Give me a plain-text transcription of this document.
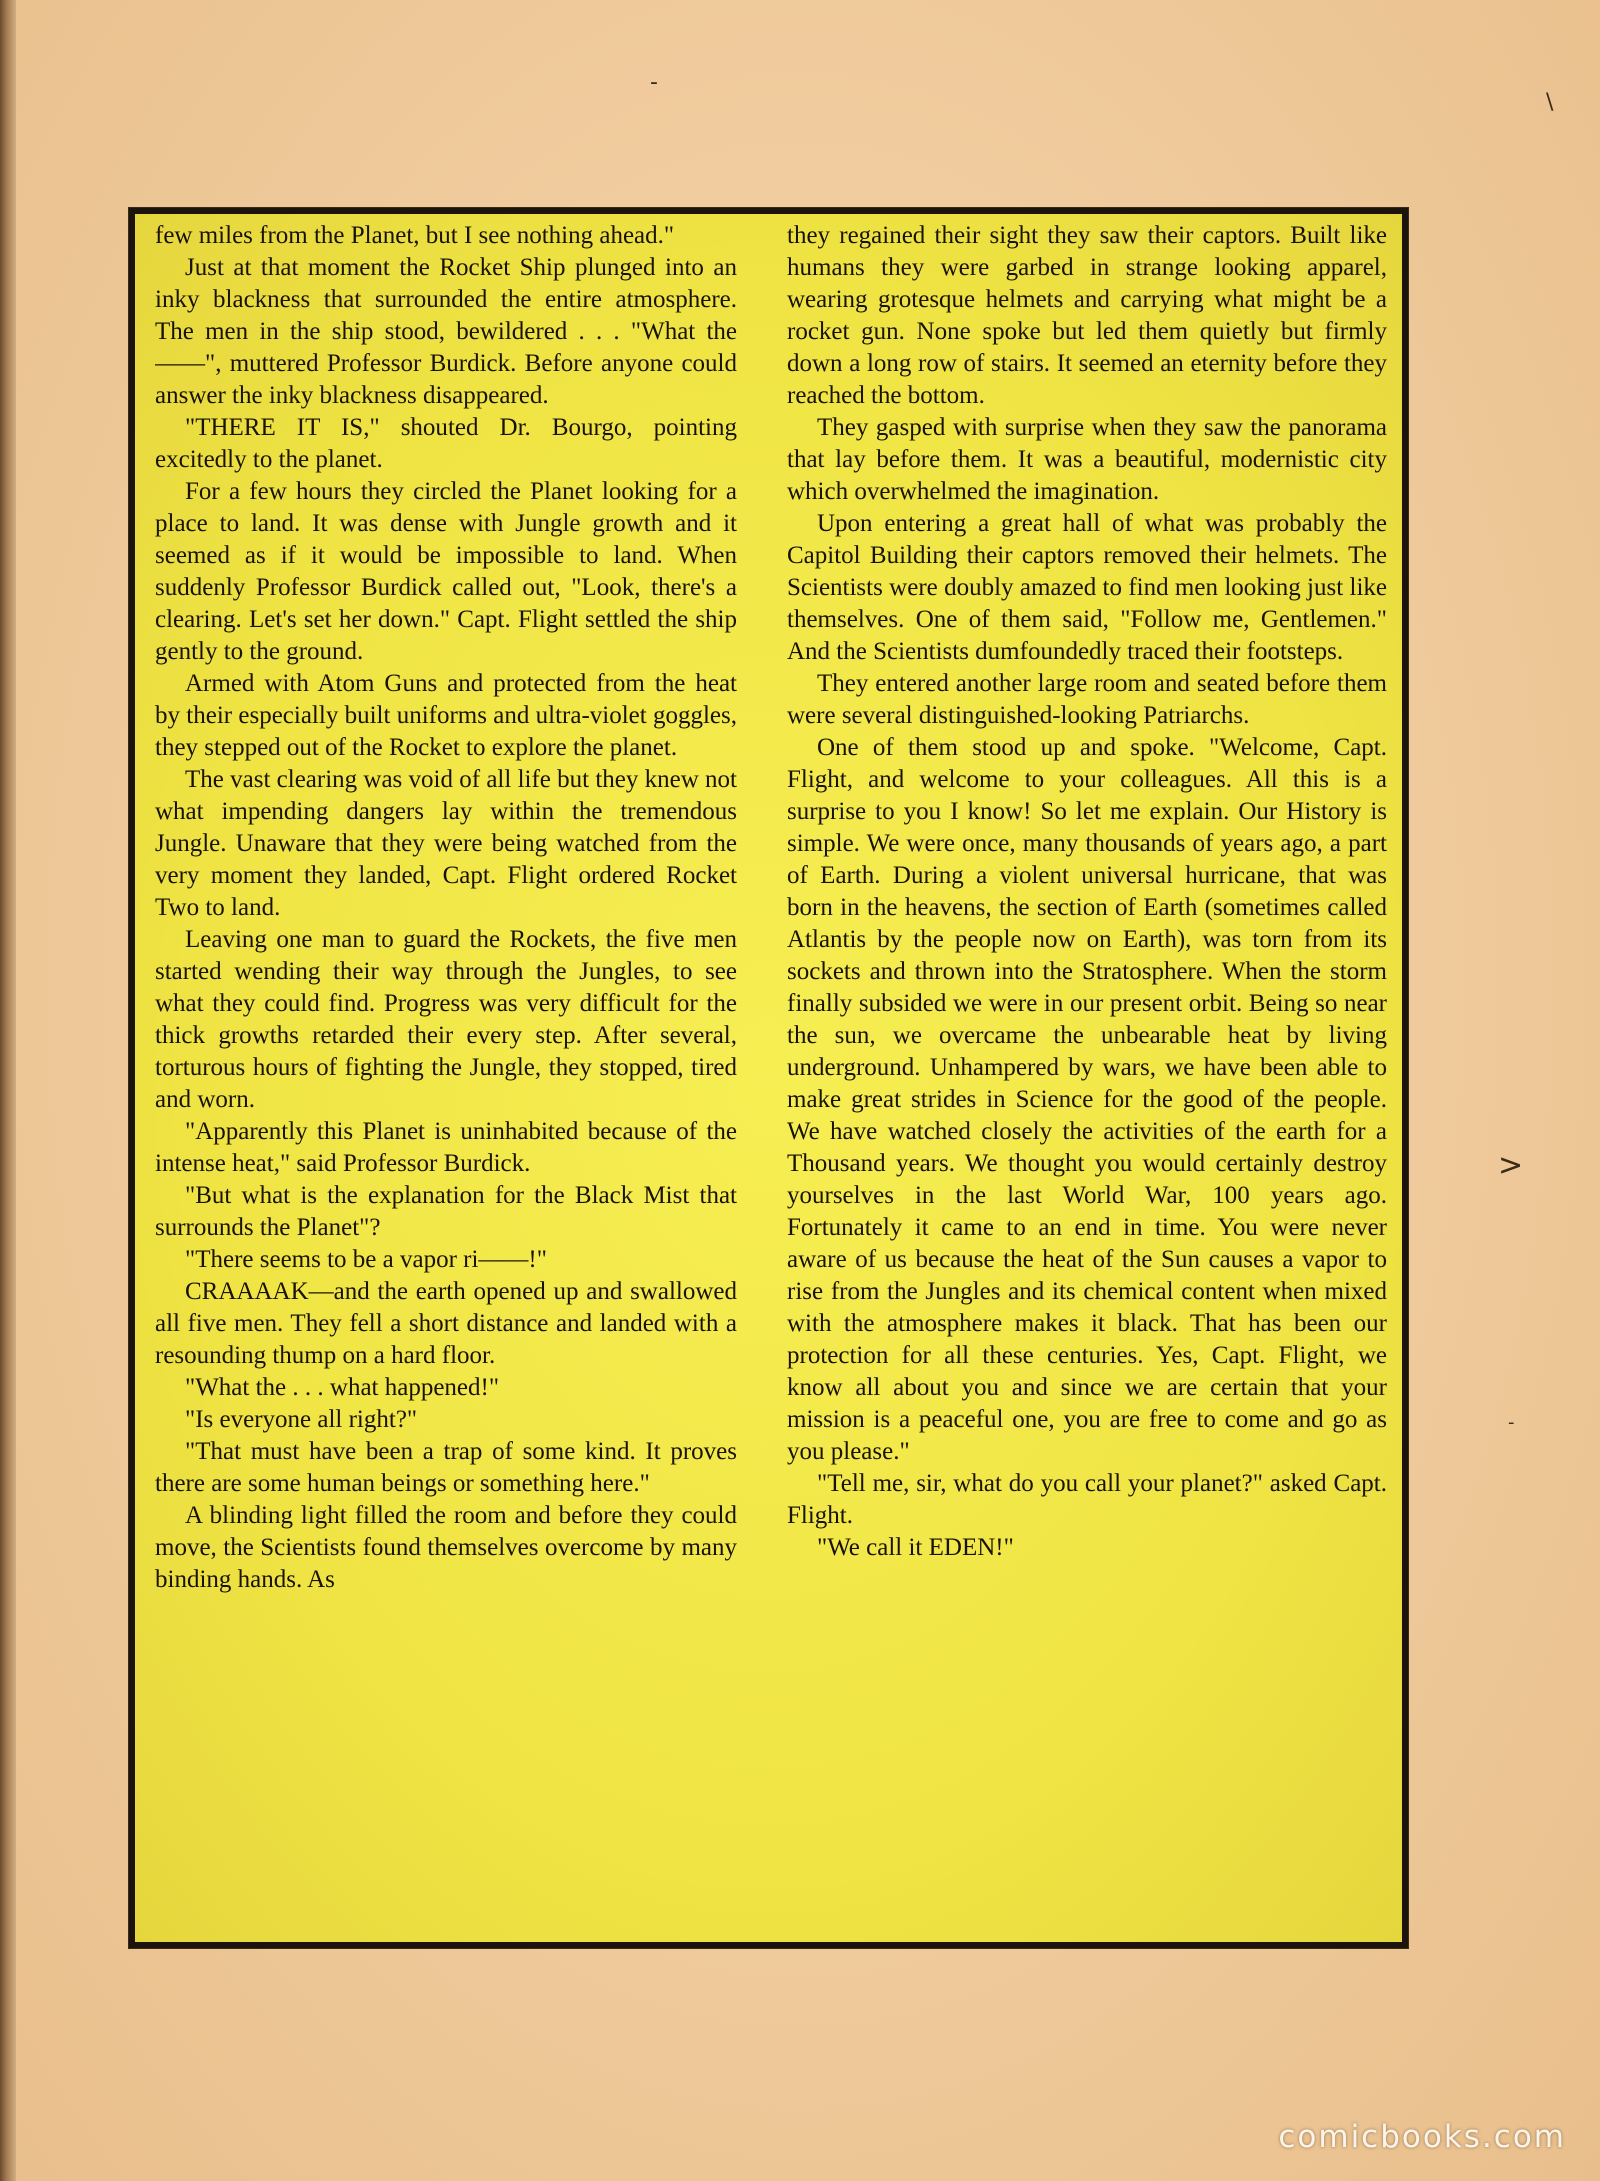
-
\
>
-

few miles from the Planet, but I see nothing ahead."

Just at that moment the Rocket Ship plunged into an inky blackness that surrounded the entire atmosphere. The men in the ship stood, bewildered . . . "What the——", muttered Professor Burdick. Before anyone could answer the inky blackness disappeared.

"THERE IT IS," shouted Dr. Bourgo, pointing excitedly to the planet.

For a few hours they circled the Planet looking for a place to land. It was dense with Jungle growth and it seemed as if it would be impossible to land. When suddenly Professor Burdick called out, "Look, there's a clearing. Let's set her down." Capt. Flight settled the ship gently to the ground.

Armed with Atom Guns and protected from the heat by their especially built uniforms and ultra-violet goggles, they stepped out of the Rocket to explore the planet.

The vast clearing was void of all life but they knew not what impending dangers lay within the tremendous Jungle. Unaware that they were being watched from the very moment they landed, Capt. Flight ordered Rocket Two to land.

Leaving one man to guard the Rockets, the five men started wending their way through the Jungles, to see what they could find. Progress was very difficult for the thick growths retarded their every step. After several, torturous hours of fighting the Jungle, they stopped, tired and worn.

"Apparently this Planet is uninhabited because of the intense heat," said Professor Burdick.

"But what is the explanation for the Black Mist that surrounds the Planet"?

"There seems to be a vapor ri——!"

CRAAAAK—and the earth opened up and swallowed all five men. They fell a short distance and landed with a resounding thump on a hard floor.

"What the . . . what happened!"

"Is everyone all right?"

"That must have been a trap of some kind. It proves there are some human beings or something here."

A blinding light filled the room and before they could move, the Scientists found themselves overcome by many binding hands. As

they regained their sight they saw their captors. Built like humans they were garbed in strange looking apparel, wearing grotesque helmets and carrying what might be a rocket gun. None spoke but led them quietly but firmly down a long row of stairs. It seemed an eternity before they reached the bottom.

They gasped with surprise when they saw the panorama that lay before them. It was a beautiful, modernistic city which overwhelmed the imagination.

Upon entering a great hall of what was probably the Capitol Building their captors removed their helmets. The Scientists were doubly amazed to find men looking just like themselves. One of them said, "Follow me, Gentlemen." And the Scientists dumfoundedly traced their footsteps.

They entered another large room and seated before them were several distinguished-looking Patriarchs.

One of them stood up and spoke. "Welcome, Capt. Flight, and welcome to your colleagues. All this is a surprise to you I know! So let me explain. Our History is simple. We were once, many thousands of years ago, a part of Earth. During a violent universal hurricane, that was born in the heavens, the section of Earth (sometimes called Atlantis by the people now on Earth), was torn from its sockets and thrown into the Stratosphere. When the storm finally subsided we were in our present orbit. Being so near the sun, we overcame the unbearable heat by living underground. Unhampered by wars, we have been able to make great strides in Science for the good of the people. We have watched closely the activities of the earth for a Thousand years. We thought you would certainly destroy yourselves in the last World War, 100 years ago. Fortunately it came to an end in time. You were never aware of us because the heat of the Sun causes a vapor to rise from the Jungles and its chemical content when mixed with the atmosphere makes it black. That has been our protection for all these centuries. Yes, Capt. Flight, we know all about you and since we are certain that your mission is a peaceful one, you are free to come and go as you please."

"Tell me, sir, what do you call your planet?" asked Capt. Flight.

"We call it EDEN!"

comicbooks.com
